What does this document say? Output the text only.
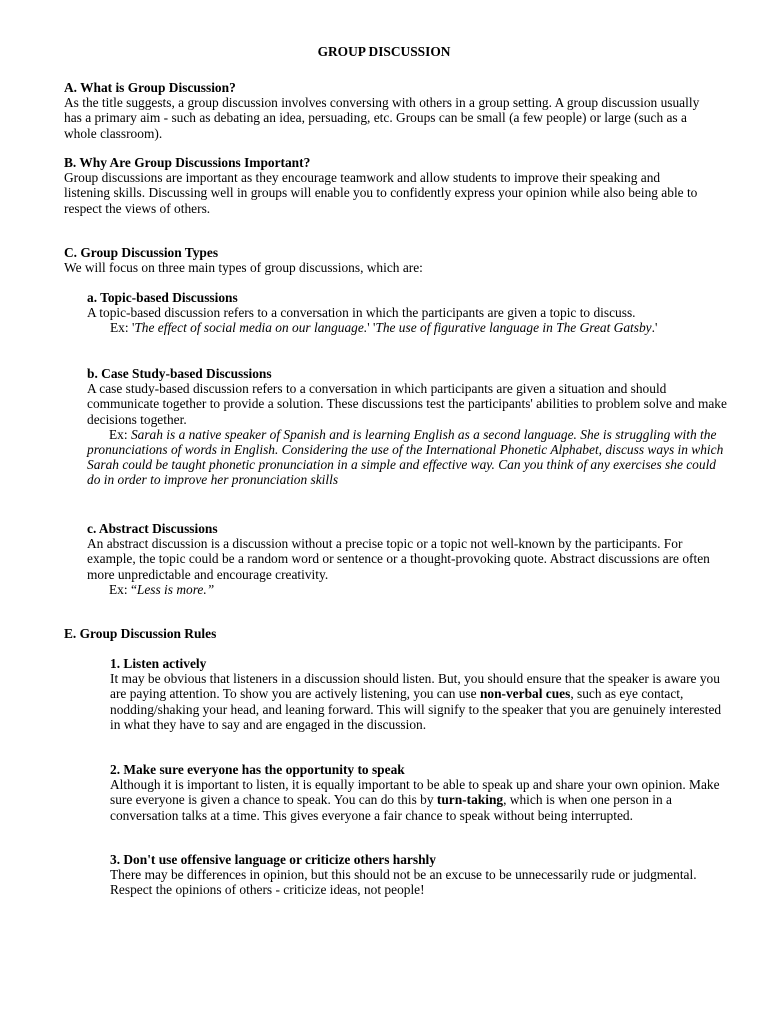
GROUP DISCUSSION

A. What is Group Discussion?

As the title suggests, a group discussion involves conversing with others in a group setting. A group discussion usually has a primary aim - such as debating an idea, persuading, etc. Groups can be small (a few people) or large (such as a whole classroom).

B. Why Are Group Discussions Important?

Group discussions are important as they encourage teamwork and allow students to improve their speaking and listening skills. Discussing well in groups will enable you to confidently express your opinion while also being able to respect the views of others.

C. Group Discussion Types

We will focus on three main types of group discussions, which are:

a. Topic-based Discussions

A topic-based discussion refers to a conversation in which the participants are given a topic to discuss.

Ex: 'The effect of social media on our language.' 'The use of figurative language in The Great Gatsby.'

b. Case Study-based Discussions

A case study-based discussion refers to a conversation in which participants are given a situation and should communicate together to provide a solution. These discussions test the participants' abilities to problem solve and make decisions together.

Ex: Sarah is a native speaker of Spanish and is learning English as a second language. She is struggling with the pronunciations of words in English. Considering the use of the International Phonetic Alphabet, discuss ways in which Sarah could be taught phonetic pronunciation in a simple and effective way. Can you think of any exercises she could do in order to improve her pronunciation skills

c. Abstract Discussions

An abstract discussion is a discussion without a precise topic or a topic not well-known by the participants. For example, the topic could be a random word or sentence or a thought-provoking quote. Abstract discussions are often more unpredictable and encourage creativity.

Ex: “Less is more.”

E. Group Discussion Rules

1. Listen actively

It may be obvious that listeners in a discussion should listen. But, you should ensure that the speaker is aware you are paying attention. To show you are actively listening, you can use non-verbal cues, such as eye contact, nodding/shaking your head, and leaning forward. This will signify to the speaker that you are genuinely interested in what they have to say and are engaged in the discussion.

2. Make sure everyone has the opportunity to speak

Although it is important to listen, it is equally important to be able to speak up and share your own opinion. Make sure everyone is given a chance to speak. You can do this by turn-taking, which is when one person in a conversation talks at a time. This gives everyone a fair chance to speak without being interrupted.

3. Don't use offensive language or criticize others harshly

There may be differences in opinion, but this should not be an excuse to be unnecessarily rude or judgmental. Respect the opinions of others - criticize ideas, not people!
